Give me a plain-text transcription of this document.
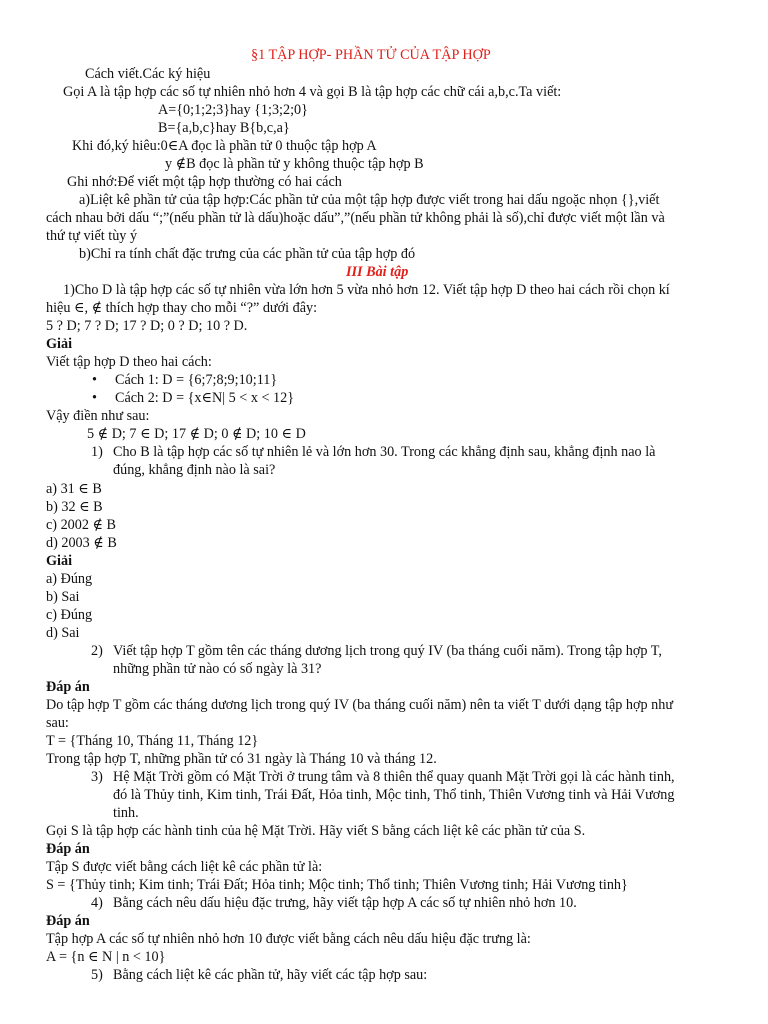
§1 TẬP HỢP- PHẦN TỬ CỦA TẬP HỢP
Cách viết.Các ký hiệu
Gọi A là tập hợp các số tự nhiên nhỏ hơn 4 và gọi B là tập hợp các chữ cái a,b,c.Ta viết:
A={0;1;2;3}hay {1;3;2;0}
B={a,b,c}hay B{b,c,a}
Khi đó,ký hiêu:0∈A đọc là phần tử 0 thuộc tập hợp A
y ∉B đọc là phần tử y không thuộc tập hợp B
Ghi nhớ:Để viết một tập hợp thường có hai cách
a)Liệt kê phần tử của tập hợp:Các phần tử của một tập hợp được viết trong hai dấu ngoặc nhọn {},viết
cách nhau bởi dấu “;”(nếu phần tử là dấu)hoặc dấu”,”(nếu phần tử không phải là số),chỉ được viết một lần và
thứ tự viết tùy ý
b)Chỉ ra tính chất đặc trưng của các phần tử của tập hợp đó
III Bài tập
1)Cho D là tập hợp các số tự nhiên vừa lớn hơn 5 vừa nhỏ hơn 12. Viết tập hợp D theo hai cách rồi chọn kí
hiệu ∈, ∉ thích hợp thay cho mỗi “?” dưới đây:
5 ? D; 7 ? D; 17 ? D; 0 ? D; 10 ? D.
Giải
Viết tập hợp D theo hai cách:
• Cách 1: D = {6;7;8;9;10;11}
• Cách 2: D = {x∈N| 5 < x < 12}
Vậy điền như sau:
5 ∉ D; 7 ∈ D; 17 ∉ D; 0 ∉ D; 10 ∈ D
1) Cho B là tập hợp các số tự nhiên lẻ và lớn hơn 30. Trong các khẳng định sau, khẳng định nao là
đúng, khẳng định nào là sai?
a) 31 ∈ B
b) 32 ∈ B
c) 2002 ∉ B
d) 2003 ∉ B
Giải
a) Đúng
b) Sai
c) Đúng
d) Sai
2) Viết tập hợp T gồm tên các tháng dương lịch trong quý IV (ba tháng cuối năm). Trong tập hợp T,
những phần tử nào có số ngày là 31?
Đáp án
Do tập hợp T gồm các tháng dương lịch trong quý IV (ba tháng cuối năm) nên ta viết T dưới dạng tập hợp như
sau:
T = {Tháng 10, Tháng 11, Tháng 12}
Trong tập hợp T, những phần tử có 31 ngày là Tháng 10 và tháng 12.
3) Hệ Mặt Trời gồm có Mặt Trời ở trung tâm và 8 thiên thể quay quanh Mặt Trời gọi là các hành tinh,
đó là Thủy tinh, Kim tinh, Trái Đất, Hỏa tinh, Mộc tinh, Thổ tinh, Thiên Vương tinh và Hải Vương
tinh.
Gọi S là tập hợp các hành tinh của hệ Mặt Trời. Hãy viết S bằng cách liệt kê các phần tử của S.
Đáp án
Tập S được viết bằng cách liệt kê các phần tử là:
S = {Thủy tinh; Kim tinh; Trái Đất; Hỏa tinh; Mộc tinh; Thổ tinh; Thiên Vương tinh; Hải Vương tinh}
4) Bằng cách nêu dấu hiệu đặc trưng, hãy viết tập hợp A các số tự nhiên nhỏ hơn 10.
Đáp án
Tập hợp A các số tự nhiên nhỏ hơn 10 được viết bằng cách nêu dấu hiệu đặc trưng là:
A = {n ∈ N | n < 10}
5) Bằng cách liệt kê các phần tử, hãy viết các tập hợp sau:
